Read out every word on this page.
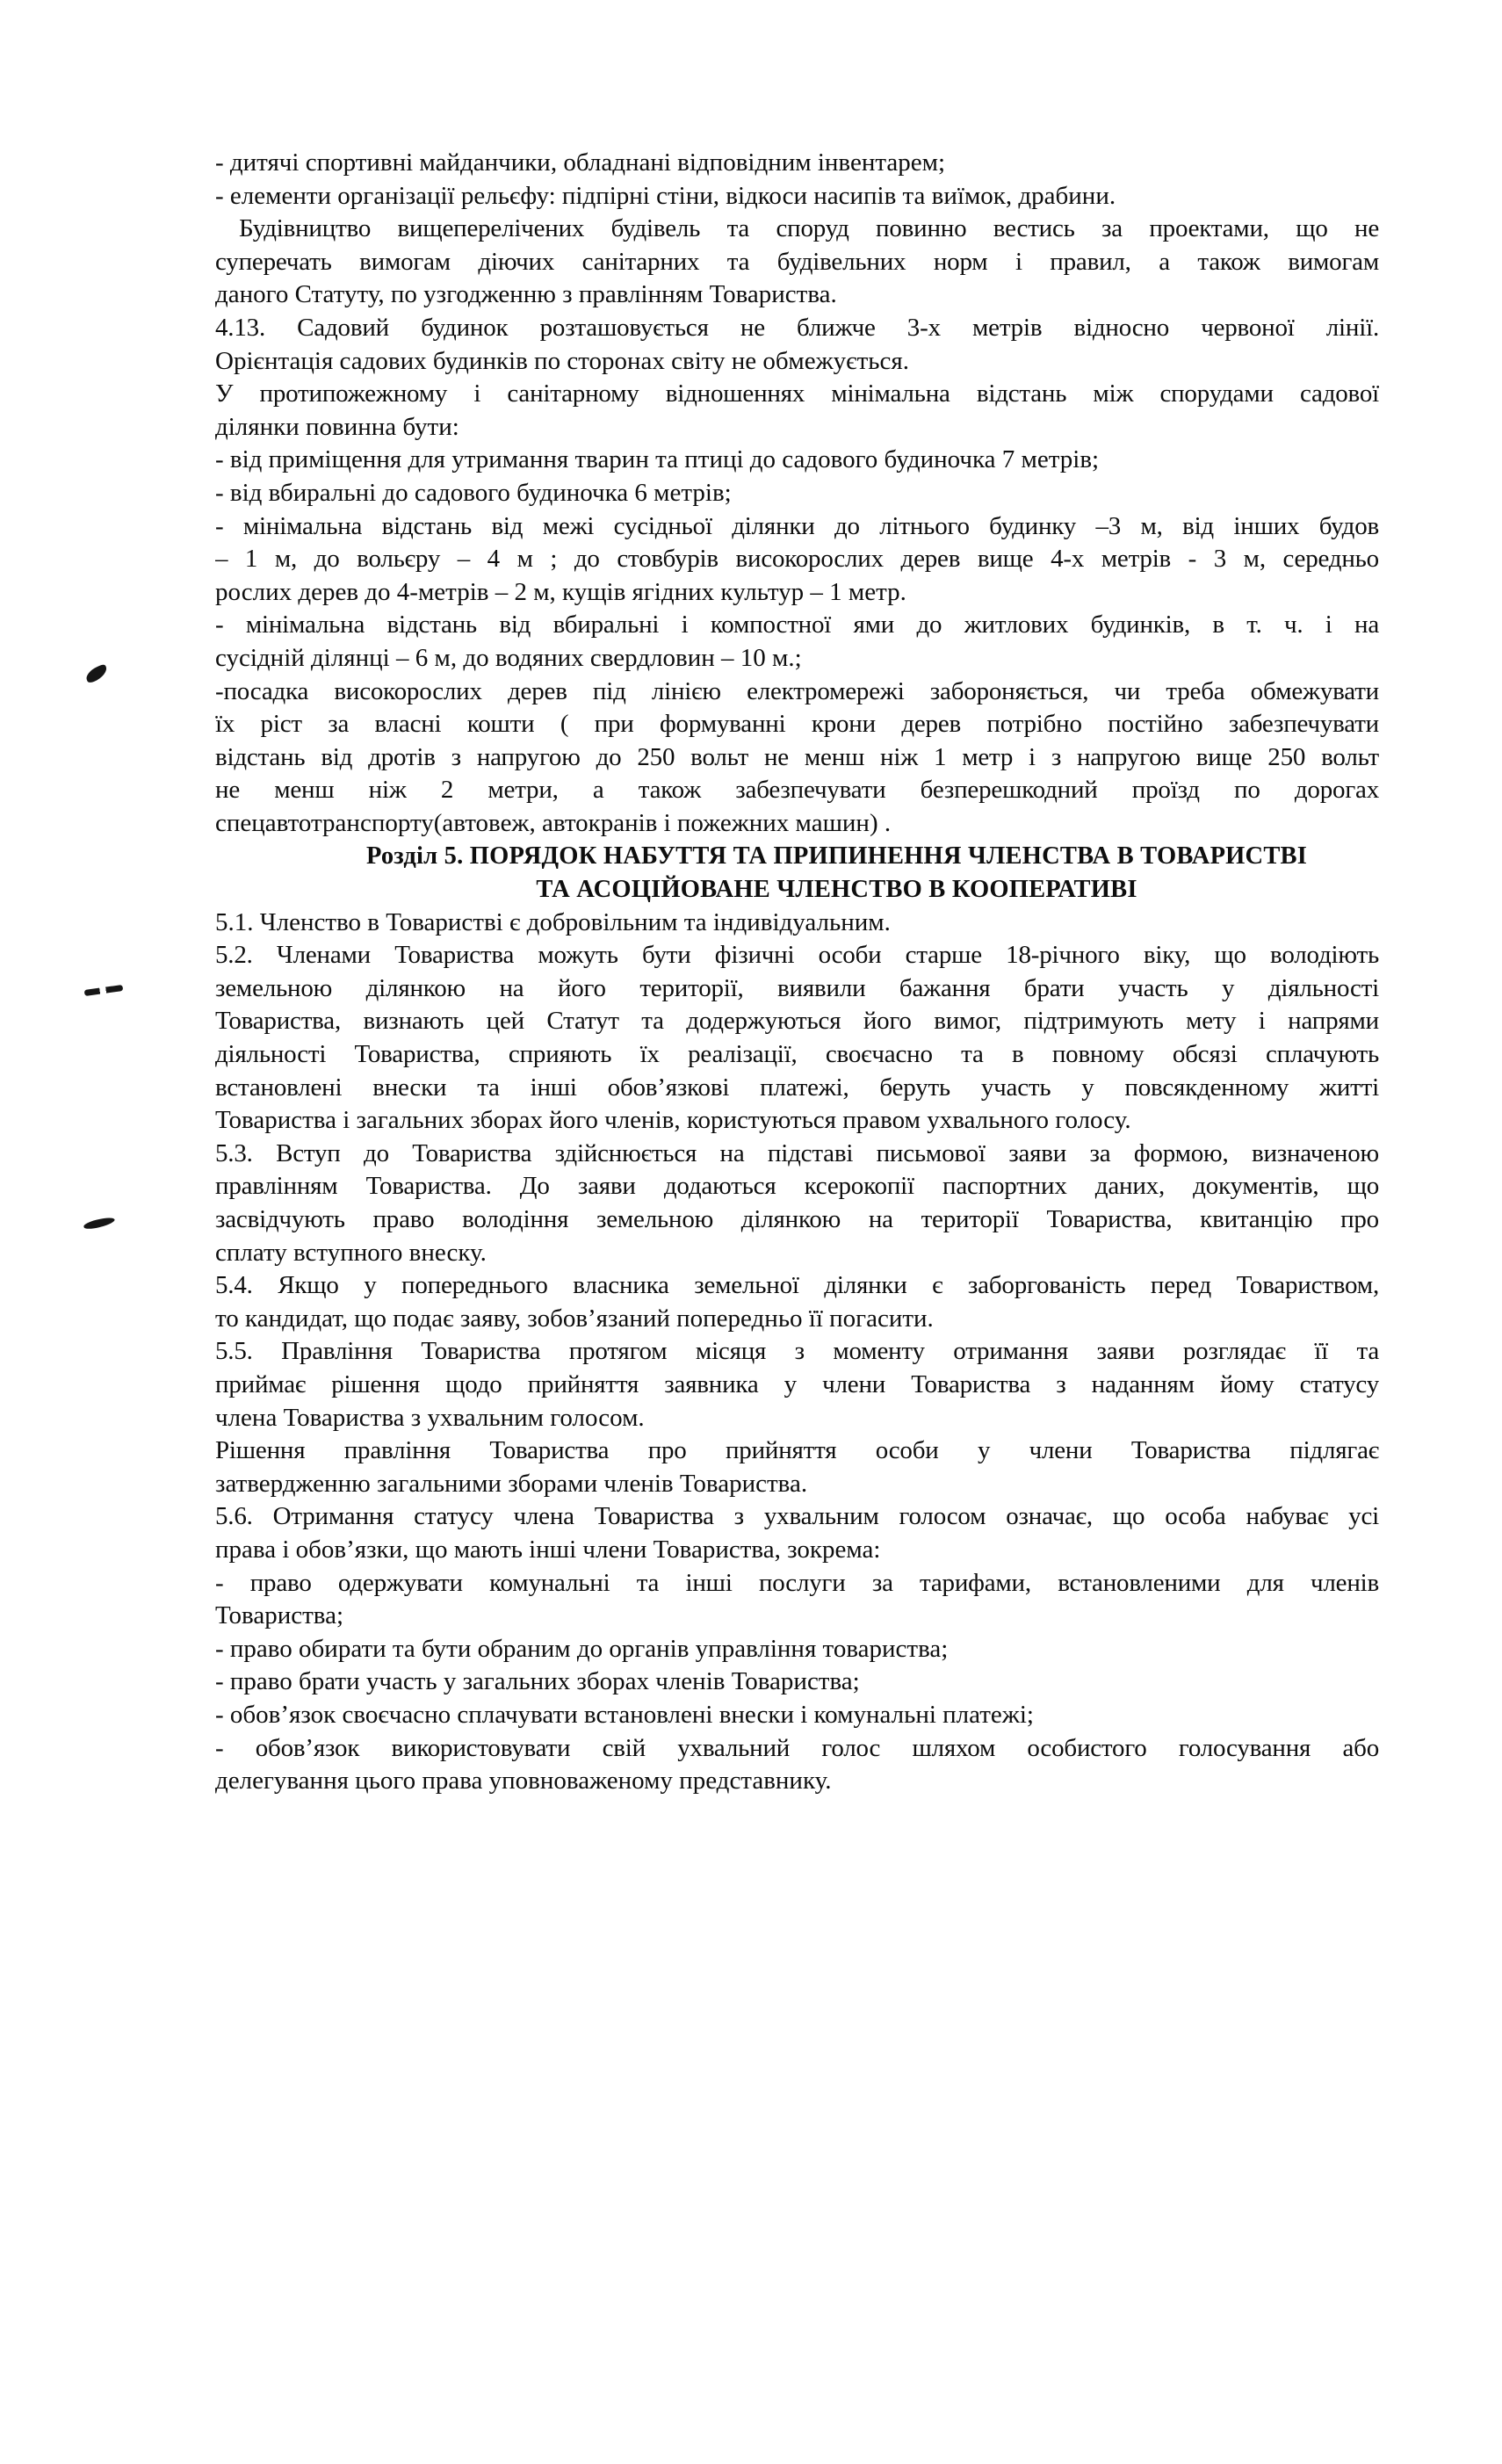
- дитячі спортивні майданчики, обладнані відповідним інвентарем;
- елементи організації рельєфу: підпірні стіни, відкоси насипів та виїмок, драбини.
Будівництво вищеперелічених будівель та споруд повинно вестись за проектами, що не
суперечать вимогам діючих санітарних та будівельних норм і правил, а також вимогам
даного Статуту, по узгодженню з правлінням Товариства.
4.13. Садовий будинок розташовується не ближче 3-х метрів відносно червоної лінії.
Орієнтація садових будинків по сторонах світу не обмежується.
У протипожежному і санітарному відношеннях мінімальна відстань між спорудами садової
ділянки повинна бути:
- від приміщення для утримання тварин та птиці до садового будиночка 7 метрів;
- від вбиральні до садового будиночка 6 метрів;
- мінімальна відстань від межі сусідньої ділянки до літнього будинку –3 м, від інших будов
– 1 м, до вольєру – 4 м ; до стовбурів високорослих дерев вище 4-х метрів - 3 м, середньо
рослих дерев до 4-метрів – 2 м, кущів ягідних культур – 1 метр.
- мінімальна відстань від вбиральні і компостної ями до житлових будинків, в т. ч. і на
сусідній ділянці – 6 м, до водяних свердловин – 10 м.;
-посадка високорослих дерев під лінією електромережі забороняється, чи треба обмежувати
їх ріст за власні кошти ( при формуванні крони дерев потрібно постійно забезпечувати
відстань від дротів з напругою до 250 вольт не менш ніж 1 метр і з напругою вище 250 вольт
не менш ніж 2 метри, а також забезпечувати безперешкодний проїзд по дорогах
спецавтотранспорту(автовеж, автокранів і пожежних машин) .
Розділ 5. ПОРЯДОК НАБУТТЯ ТА ПРИПИНЕННЯ ЧЛЕНСТВА В ТОВАРИСТВІ
ТА АСОЦІЙОВАНЕ ЧЛЕНСТВО В КООПЕРАТИВІ
5.1. Членство в Товаристві є добровільним та індивідуальним.
5.2. Членами Товариства можуть бути фізичні особи старше 18-річного віку, що володіють
земельною ділянкою на його території, виявили бажання брати участь у діяльності
Товариства, визнають цей Статут та додержуються його вимог, підтримують мету і напрями
діяльності Товариства, сприяють їх реалізації, своєчасно та в повному обсязі сплачують
встановлені внески та інші обов’язкові платежі, беруть участь у повсякденному житті
Товариства і загальних зборах його членів, користуються правом ухвального голосу.
5.3. Вступ до Товариства здійснюється на підставі письмової заяви за формою, визначеною
правлінням Товариства. До заяви додаються ксерокопії паспортних даних, документів, що
засвідчують право володіння земельною ділянкою на території Товариства, квитанцію про
сплату вступного внеску.
5.4. Якщо у попереднього власника земельної ділянки є заборгованість перед Товариством,
то кандидат, що подає заяву, зобов’язаний попередньо її погасити.
5.5. Правління Товариства протягом місяця з моменту отримання заяви розглядає її та
приймає рішення щодо прийняття заявника у члени Товариства з наданням йому статусу
члена Товариства з ухвальним голосом.
Рішення правління Товариства про прийняття особи у члени Товариства підлягає
затвердженню загальними зборами членів Товариства.
5.6. Отримання статусу члена Товариства з ухвальним голосом означає, що особа набуває усі
права і обов’язки, що мають інші члени Товариства, зокрема:
- право одержувати комунальні та інші послуги за тарифами, встановленими для членів
Товариства;
- право обирати та бути обраним до органів управління товариства;
- право брати участь у загальних зборах членів Товариства;
- обов’язок своєчасно сплачувати встановлені внески і комунальні платежі;
- обов’язок використовувати свій ухвальний голос шляхом особистого голосування або
делегування цього права уповноваженому представнику.
